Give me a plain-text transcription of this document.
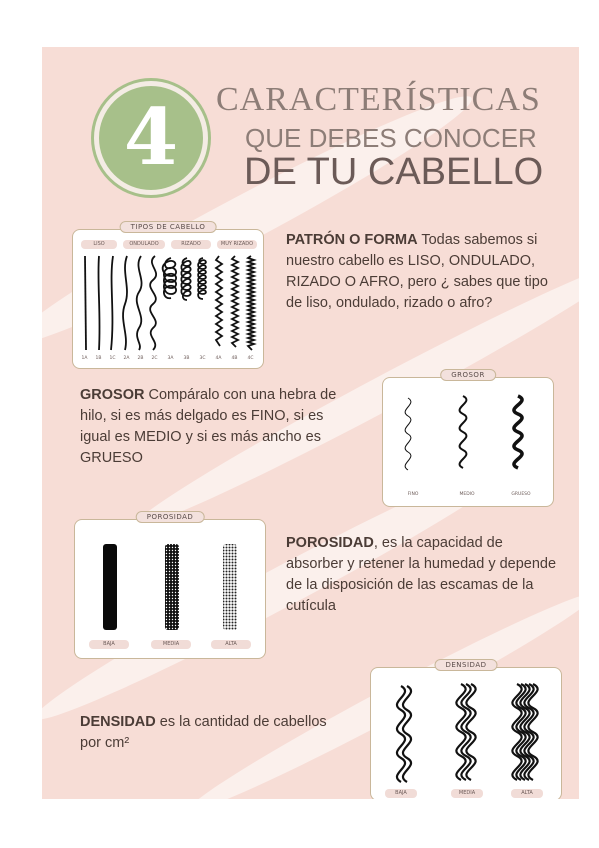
4	CARACTERÍSTICAS
QUE DEBES CONOCER
DE TU CABELLO
TIPOS DE CABELLO
LISO	ONDULADO	RIZADO	MUY RIZADO
1A	1B	1C	2A	2B	2C	3A	3B	3C	4A	4B	4C
PATRÓN O FORMA Todas sabemos si nuestro cabello es LISO, ONDULADO, RIZADO O AFRO, pero ¿ sabes que tipo de liso, ondulado, rizado o afro?
GROSOR Compáralo con una hebra de hilo, si es más delgado es FINO, si es igual es MEDIO y si es más ancho es GRUESO
GROSOR
FINO	MEDIO	GRUESO
POROSIDAD
BAJA	MEDIA	ALTA
POROSIDAD, es la capacidad de absorber y retener la humedad y depende de la disposición de las escamas de la cutícula
DENSIDAD es la cantidad de cabellos por cm²
DENSIDAD
BAJA	MEDIA	ALTA
